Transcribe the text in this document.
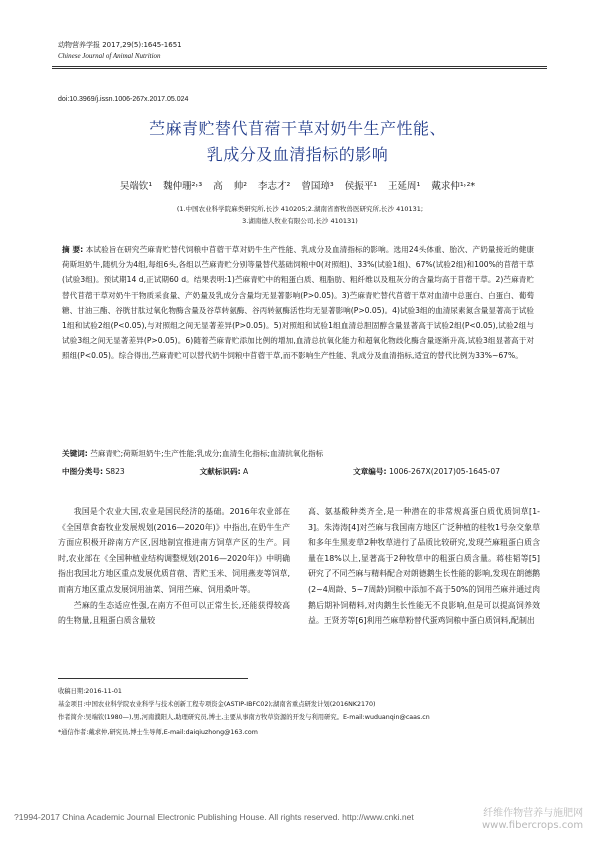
动物营养学报 2017,29(5):1645-1651
Chinese Journal of Animal Nutrition
doi:10.3969/j.issn.1006-267x.2017.05.024
苎麻青贮替代苜蓿干草对奶牛生产性能、
乳成分及血清指标的影响
吴端钦¹ 魏仲珊²˒³ 高 帅² 李志才² 曾国璋³ 侯振平¹ 王延周¹ 戴求仲¹˒²*
(1.中国农业科学院麻类研究所,长沙 410205;2.湖南省畜牧兽医研究所,长沙 410131;
3.湖南德人牧业有限公司,长沙 410131)
摘 要: 本试验旨在研究苎麻青贮替代饲粮中苜蓿干草对奶牛生产性能、乳成分及血清指标的影响。选用24头体重、胎次、产奶量接近的健康荷斯坦奶牛,随机分为4组,每组6头,各组以苎麻青贮分别等量替代基础饲粮中0(对照组)、33%(试验1组)、67%(试验2组)和100%的苜蓿干草(试验3组)。预试期14 d,正试期60 d。结果表明:1)苎麻青贮中的粗蛋白质、粗脂肪、粗纤维以及粗灰分的含量均高于苜蓿干草。2)苎麻青贮替代苜蓿干草对奶牛干物质采食量、产奶量及乳成分含量均无显著影响(P>0.05)。3)苎麻青贮替代苜蓿干草对血清中总蛋白、白蛋白、葡萄糖、甘油三酯、谷胱甘肽过氧化物酶含量及谷草转氨酶、谷丙转氨酶活性均无显著影响(P>0.05)。4)试验3组的血清尿素氮含量显著高于试验1组和试验2组(P<0.05),与对照组之间无显著差异(P>0.05)。5)对照组和试验1组血清总胆固醇含量显著高于试验2组(P<0.05),试验2组与试验3组之间无显著差异(P>0.05)。6)随着苎麻青贮添加比例的增加,血清总抗氧化能力和超氧化物歧化酶含量逐渐升高,试验3组显著高于对照组(P<0.05)。综合得出,苎麻青贮可以替代奶牛饲粮中苜蓿干草,而不影响生产性能、乳成分及血清指标,适宜的替代比例为33%~67%。
关键词: 苎麻青贮;荷斯坦奶牛;生产性能;乳成分;血清生化指标;血清抗氧化指标
中图分类号: S823	文献标识码: A	文章编号: 1006-267X(2017)05-1645-07

我国是个农业大国,农业是国民经济的基础。2016年农业部在《全国草食畜牧业发展规划(2016—2020年)》中指出,在奶牛生产方面应积极开辟南方产区,因地制宜推进南方饲草产区的生产。同时,农业部在《全国种植业结构调整规划(2016—2020年)》中明确指出我国北方地区重点发展优质苜蓿、青贮玉米、饲用燕麦等饲草,而南方地区重点发展饲用油菜、饲用苎麻、饲用桑叶等。

苎麻的生态适应性强,在南方不但可以正常生长,还能获得较高的生物量,且粗蛋白质含量较

高、氨基酸种类齐全,是一种潜在的非常规高蛋白质优质饲草[1-3]。朱涛涛[4]对苎麻与我国南方地区广泛种植的桂牧1号杂交象草和多年生黑麦草2种牧草进行了品质比较研究,发现苎麻粗蛋白质含量在18%以上,显著高于2种牧草中的粗蛋白质含量。蒋桂韬等[5]研究了不同苎麻与精料配合对朗德鹅生长性能的影响,发现在朗德鹅(2~4周龄、5~7周龄)饲粮中添加不高于50%的饲用苎麻并通过肉鹅后期补饲精料,对肉鹅生长性能无不良影响,但是可以提高饲养效益。王贤芳等[6]利用苎麻草粉替代蛋鸡饲粮中蛋白质饲料,配制出

收稿日期:2016-11-01
基金项目:中国农业科学院农业科学与技术创新工程专项资金(ASTIP-IBFC02);湖南省重点研发计划(2016NK2170)
作者简介:吴端钦(1980—),男,河南濮阳人,助理研究员,博士,主要从事南方牧草资源的开发与利用研究。E-mail:wuduanqin@caas.cn
*通信作者:戴求仲,研究员,博士生导师,E-mail:daiqiuzhong@163.com
?1994-2017 China Academic Journal Electronic Publishing House. All rights reserved. http://www.cnki.net	纤维作物营养与施肥网
www.fibercrops.com
